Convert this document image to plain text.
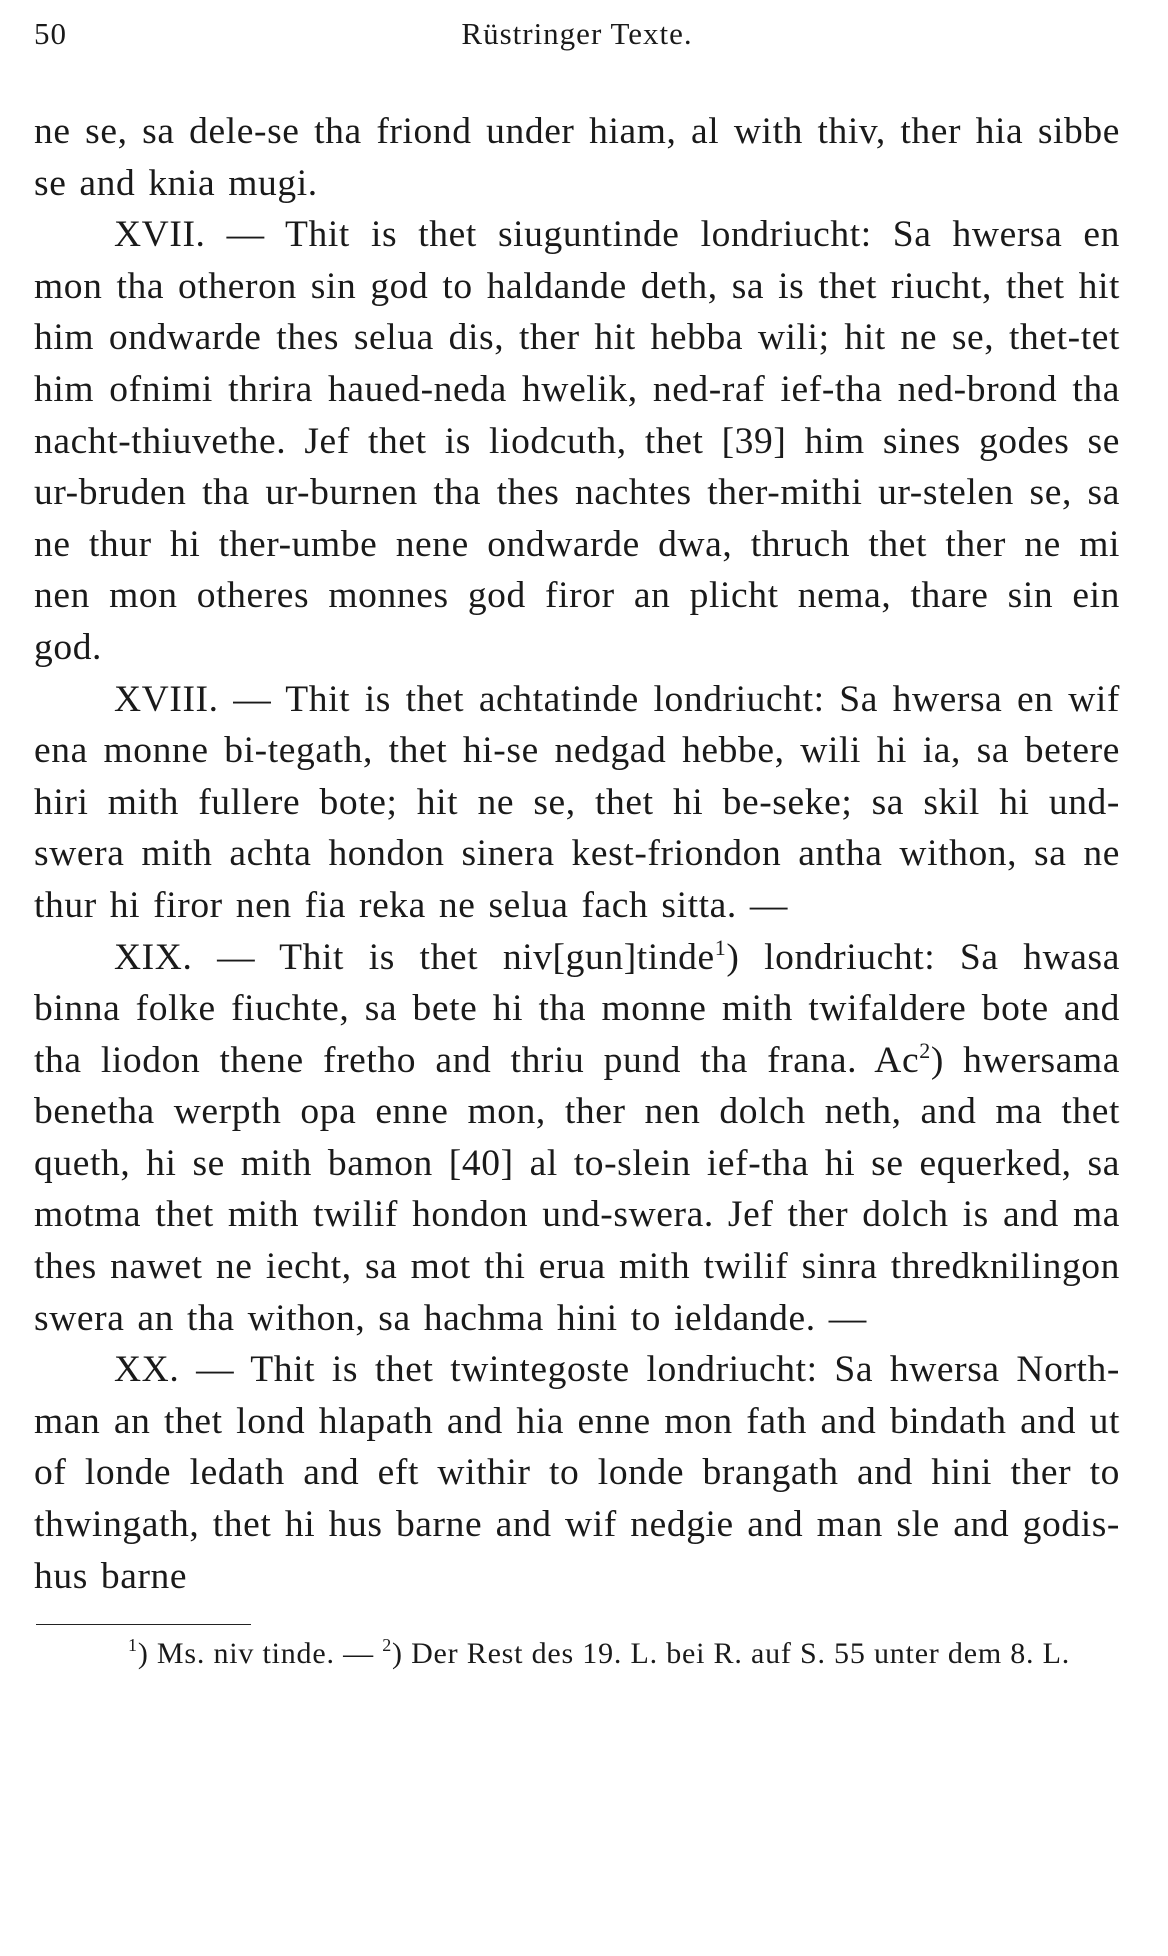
50	Rüstringer Texte.

ne se, sa dele-se tha friond under hiam, al with thiv, ther hia sibbe se and knia mugi.

XVII. — Thit is thet siuguntinde londriucht: Sa hwersa en mon tha otheron sin god to haldande deth, sa is thet riucht, thet hit him ondwarde thes selua dis, ther hit hebba wili; hit ne se, thet-tet him ofnimi thrira haued-neda hwelik, ned-raf ief-tha ned-brond tha nacht-thiuvethe. Jef thet is liodcuth, thet [39] him sines godes se ur-bruden tha ur-burnen tha thes nachtes ther-mithi ur-stelen se, sa ne thur hi ther-umbe nene ondwarde dwa, thruch thet ther ne mi nen mon otheres monnes god firor an plicht nema, thare sin ein god.

XVIII. — Thit is thet achtatinde londriucht: Sa hwersa en wif ena monne bi-tegath, thet hi-se nedgad hebbe, wili hi ia, sa betere hiri mith fullere bote; hit ne se, thet hi be-seke; sa skil hi und-swera mith achta hondon sinera kest-friondon antha withon, sa ne thur hi firor nen fia reka ne selua fach sitta. —

XIX. — Thit is thet niv[gun]tinde$^1$) londriucht: Sa hwasa binna folke fiuchte, sa bete hi tha monne mith twifaldere bote and tha liodon thene fretho and thriu pund tha frana. Ac$^2$) hwersama benetha werpth opa enne mon, ther nen dolch neth, and ma thet queth, hi se mith bamon [40] al to-slein ief-tha hi se equerked, sa motma thet mith twilif hondon und-swera. Jef ther dolch is and ma thes nawet ne iecht, sa mot thi erua mith twilif sinra thredknilingon swera an tha withon, sa hachma hini to ieldande. —

XX. — Thit is thet twintegoste londriucht: Sa hwersa North-man an thet lond hlapath and hia enne mon fath and bindath and ut of londe ledath and eft withir to londe brangath and hini ther to thwingath, thet hi hus barne and wif nedgie and man sle and godis-hus barne

$^1$) Ms. niv tinde. — $^2$) Der Rest des 19. L. bei R. auf S. 55 unter dem 8. L.
